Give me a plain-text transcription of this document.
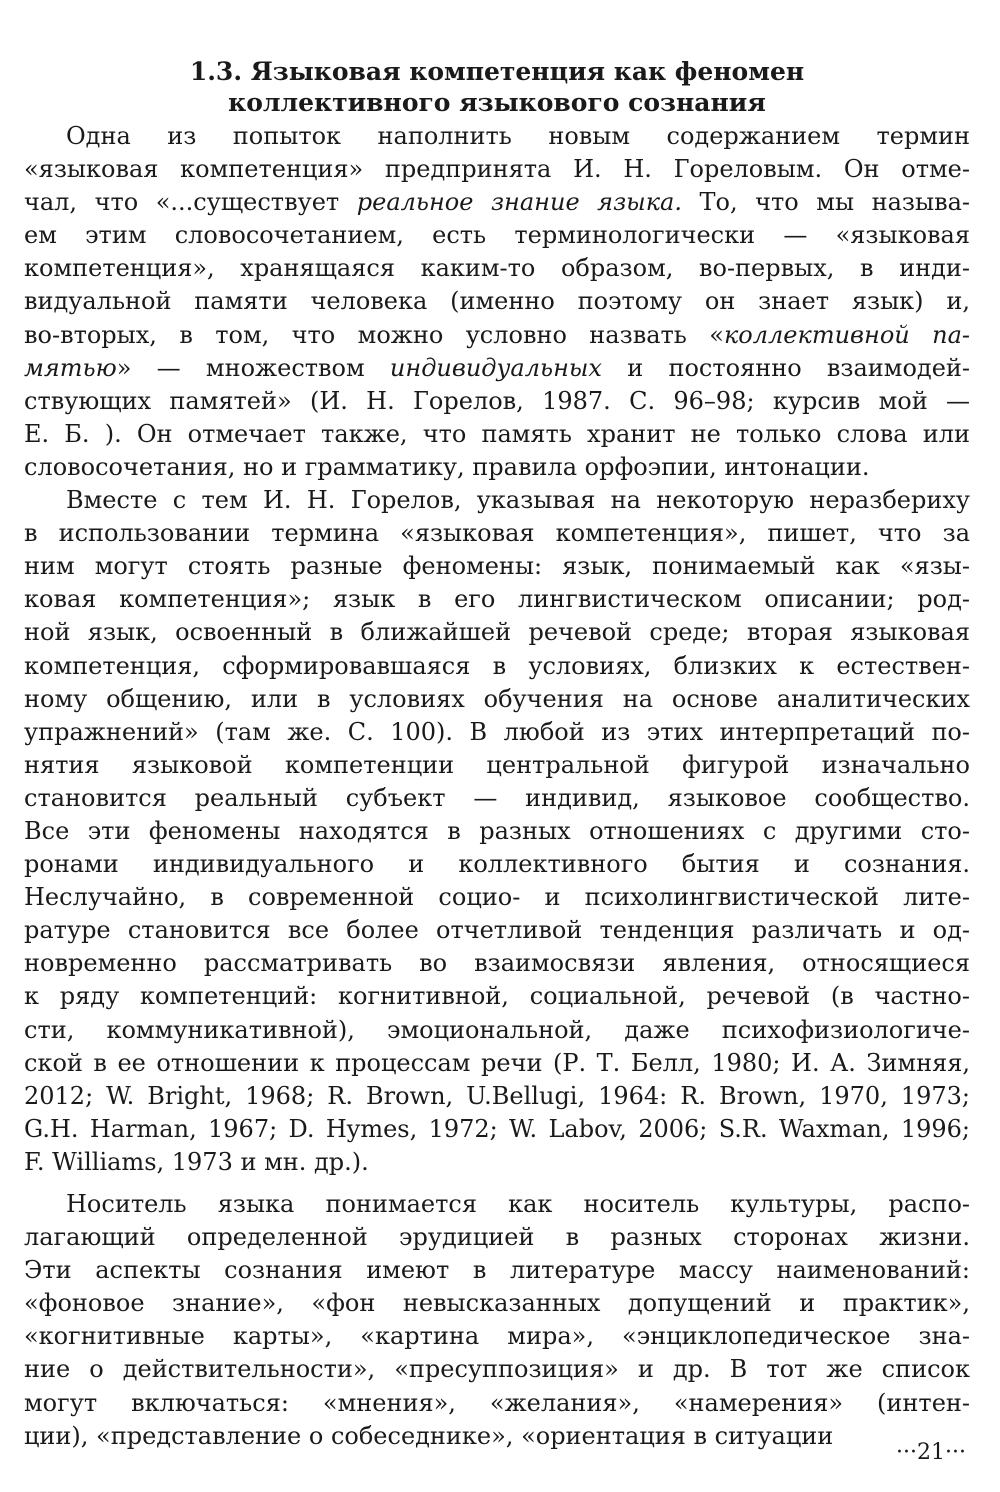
1.3. Языковая компетенция как феномен
коллективного языкового сознания
Одна из попыток наполнить новым содержанием термин
«языковая компетенция» предпринята И. Н. Гореловым. Он отме-
чал, что «...существует реальное знание языка. То, что мы называ-
ем этим словосочетанием, есть терминологически — «языковая
компетенция», хранящаяся каким-то образом, во-первых, в инди-
видуальной памяти человека (именно поэтому он знает язык) и,
во-вторых, в том, что можно условно назвать «коллективной па-
мятью» — множеством индивидуальных и постоянно взаимодей-
ствующих памятей» (И. Н. Горелов, 1987. С. 96–98; курсив мой —
Е. Б. ). Он отмечает также, что память хранит не только слова или
словосочетания, но и грамматику, правила орфоэпии, интонации.
Вместе с тем И. Н. Горелов, указывая на некоторую неразбериху
в использовании термина «языковая компетенция», пишет, что за
ним могут стоять разные феномены: язык, понимаемый как «язы-
ковая компетенция»; язык в его лингвистическом описании; род-
ной язык, освоенный в ближайшей речевой среде; вторая языковая
компетенция, сформировавшаяся в условиях, близких к естествен-
ному общению, или в условиях обучения на основе аналитических
упражнений» (там же. С. 100). В любой из этих интерпретаций по-
нятия языковой компетенции центральной фигурой изначально
становится реальный субъект — индивид, языковое сообщество.
Все эти феномены находятся в разных отношениях с другими сто-
ронами индивидуального и коллективного бытия и сознания.
Неслучайно, в современной социо- и психолингвистической лите-
ратуре становится все более отчетливой тенденция различать и од-
новременно рассматривать во взаимосвязи явления, относящиеся
к ряду компетенций: когнитивной, социальной, речевой (в частно-
сти, коммуникативной), эмоциональной, даже психофизиологиче-
ской в ее отношении к процессам речи (Р. Т. Белл, 1980; И. А. Зимняя,
2012; W. Bright, 1968; R. Brown, U.Bellugi, 1964: R. Brown, 1970, 1973;
G.H. Harman, 1967; D. Hymes, 1972; W. Labov, 2006; S.R. Waxman, 1996;
F. Williams, 1973 и мн. др.).
Носитель языка понимается как носитель культуры, распо-
лагающий определенной эрудицией в разных сторонах жизни.
Эти аспекты сознания имеют в литературе массу наименований:
«фоновое знание», «фон невысказанных допущений и практик»,
«когнитивные карты», «картина мира», «энциклопедическое зна-
ние о действительности», «пресуппозиция» и др. В тот же список
могут включаться: «мнения», «желания», «намерения» (интен-
ции), «представление о собеседнике», «ориентация в ситуации
···21···
